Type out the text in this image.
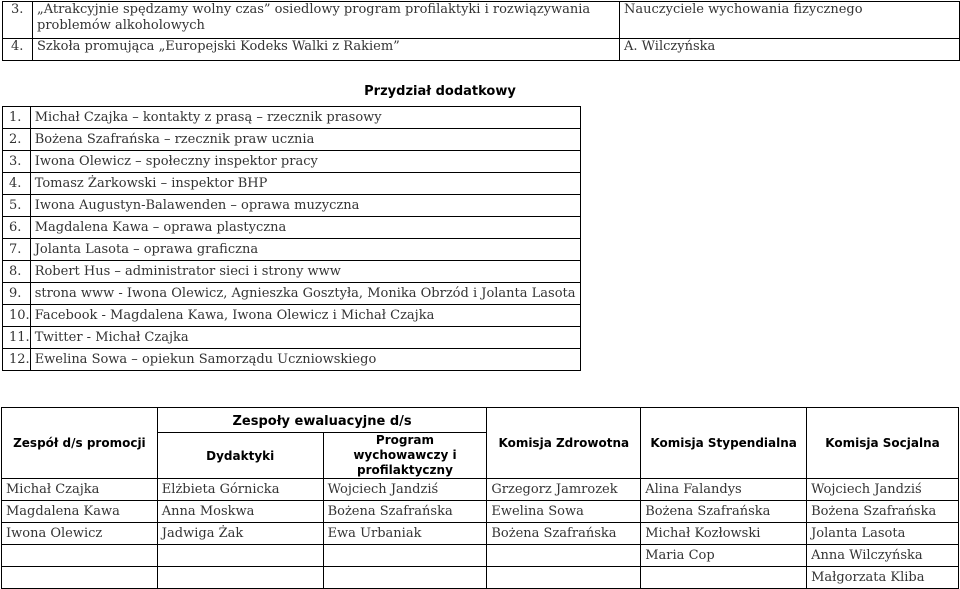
3.	„Atrakcyjnie spędzamy wolny czas” osiedlowy program profilaktyki i rozwiązywania problemów alkoholowych	Nauczyciele wychowania fizycznego
4.	Szkoła promująca „Europejski Kodeks Walki z Rakiem”	A. Wilczyńska
Przydział dodatkowy
1.	Michał Czajka – kontakty z prasą – rzecznik prasowy
2.	Bożena Szafrańska – rzecznik praw ucznia
3.	Iwona Olewicz – społeczny inspektor pracy
4.	Tomasz Żarkowski – inspektor BHP
5.	Iwona Augustyn-Balawenden – oprawa muzyczna
6.	Magdalena Kawa – oprawa plastyczna
7.	Jolanta Lasota – oprawa graficzna
8.	Robert Hus – administrator sieci i strony www
9.	strona www - Iwona Olewicz, Agnieszka Gosztyła, Monika Obrzód i Jolanta Lasota
10.	Facebook - Magdalena Kawa, Iwona Olewicz i Michał Czajka
11.	Twitter - Michał Czajka
12.	Ewelina Sowa – opiekun Samorządu Uczniowskiego
Zespół d/s promocji	Zespoły ewaluacyjne d/s		Komisja Zdrowotna	Komisja Stypendialna	Komisja Socjalna
	Dydaktyki	Program wychowawczy i profilaktyczny			
Michał Czajka	Elżbieta Górnicka	Wojciech Jandziś	Grzegorz Jamrozek	Alina Falandys	Wojciech Jandziś
Magdalena Kawa	Anna Moskwa	Bożena Szafrańska	Ewelina Sowa	Bożena Szafrańska	Bożena Szafrańska
Iwona Olewicz	Jadwiga Żak	Ewa Urbaniak	Bożena Szafrańska	Michał Kozłowski	Jolanta Lasota
				Maria Cop	Anna Wilczyńska
					Małgorzata Kliba
